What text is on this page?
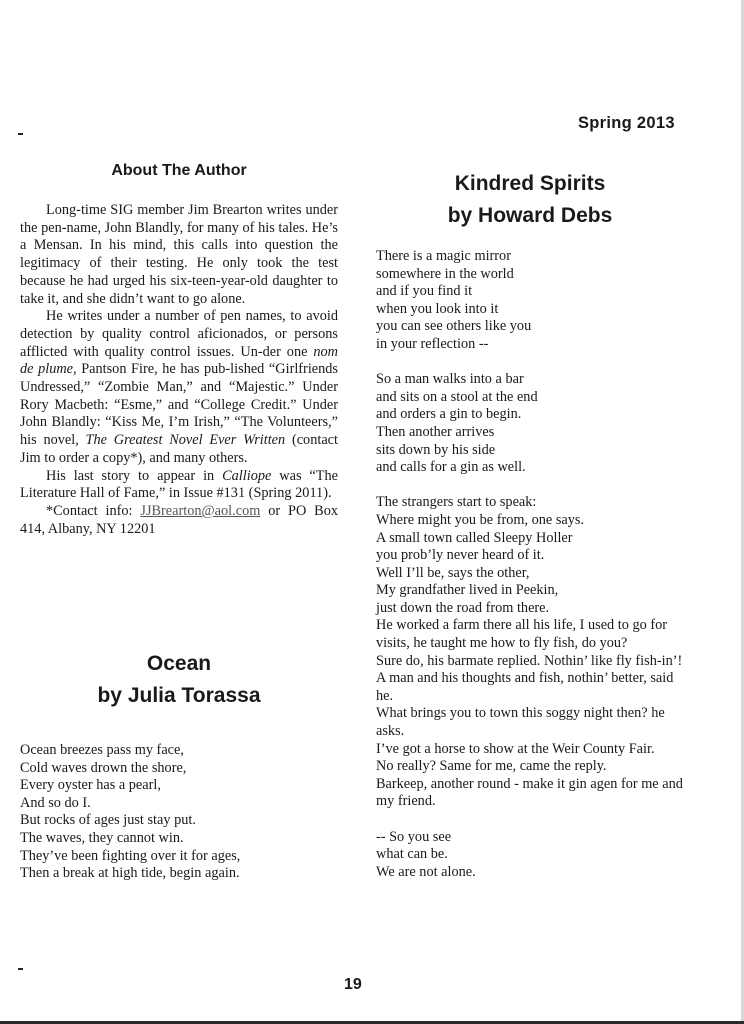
Spring 2013
About The Author

Long-time SIG member Jim Brearton writes under the pen-name, John Blandly, for many of his tales. He’s a Mensan. In his mind, this calls into question the legitimacy of their testing. He only took the test because he had urged his six-teen-year-old daughter to take it, and she didn’t want to go alone.

He writes under a number of pen names, to avoid detection by quality control aficionados, or persons afflicted with quality control issues. Un-der one nom de plume, Pantson Fire, he has pub-lished “Girlfriends Undressed,” “Zombie Man,” and “Majestic.” Under Rory Macbeth: “Esme,” and “College Credit.” Under John Blandly: “Kiss Me, I’m Irish,” “The Volunteers,” his novel, The Greatest Novel Ever Written (contact Jim to order a copy*), and many others.

His last story to appear in Calliope was “The Literature Hall of Fame,” in Issue #131 (Spring 2011).

*Contact info: JJBrearton@aol.com or PO Box 414, Albany, NY 12201

Ocean
by Julia Torassa
Ocean breezes pass my face,
Cold waves drown the shore,
Every oyster has a pearl,
And so do I.
But rocks of ages just stay put.
The waves, they cannot win.
They’ve been fighting over it for ages,
Then a break at high tide, begin again.
Kindred Spirits
by Howard Debs
There is a magic mirror
somewhere in the world
and if you find it
when you look into it
you can see others like you
in your reflection --
So a man walks into a bar
and sits on a stool at the end
and orders a gin to begin.
Then another arrives
sits down by his side
and calls for a gin as well.
The strangers start to speak:
Where might you be from, one says.
A small town called Sleepy Holler
you prob’ly never heard of it.
Well I’ll be, says the other,
My grandfather lived in Peekin,
just down the road from there.
He worked a farm there all his life, I used to go for visits, he taught me how to fly fish, do you?
Sure do, his barmate replied. Nothin’ like fly fish-in’!
A man and his thoughts and fish, nothin’ better, said he.
What brings you to town this soggy night then? he asks.
I’ve got a horse to show at the Weir County Fair.
No really? Same for me, came the reply.
Barkeep, another round - make it gin agen for me and my friend.
-- So you see
what can be.
We are not alone.
19
